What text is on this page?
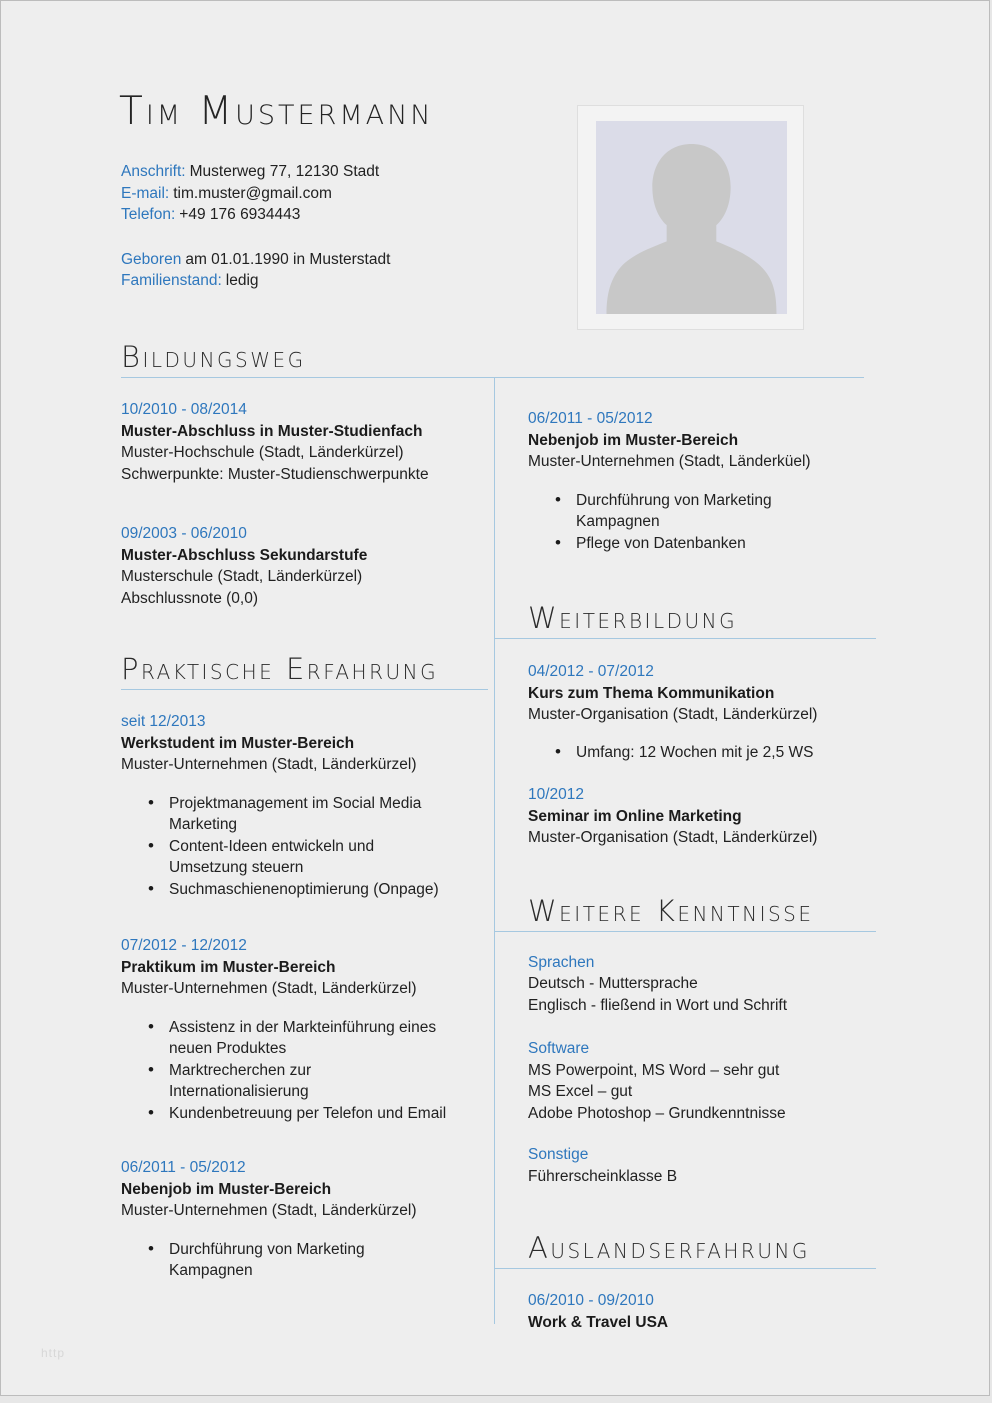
Tim Mustermann
Anschrift: Musterweg 77, 12130 Stadt
E-mail: tim.muster@gmail.com
Telefon: +49 176 6934443
Geboren am 01.01.1990 in Musterstadt
Familienstand: ledig
Bildungsweg
10/2010 - 08/2014
Muster-Abschluss in Muster-Studienfach
Muster-Hochschule (Stadt, Länderkürzel)
Schwerpunkte: Muster-Studienschwerpunkte
09/2003 - 06/2010
Muster-Abschluss Sekundarstufe
Musterschule (Stadt, Länderkürzel)
Abschlussnote (0,0)
Praktische Erfahrung
seit 12/2013
Werkstudent im Muster-Bereich
Muster-Unternehmen (Stadt, Länderkürzel)
• Projektmanagement im Social Media Marketing
• Content-Ideen entwickeln und Umsetzung steuern
• Suchmaschienenoptimierung (Onpage)
07/2012 - 12/2012
Praktikum im Muster-Bereich
Muster-Unternehmen (Stadt, Länderkürzel)
• Assistenz in der Markteinführung eines neuen Produktes
• Marktrecherchen zur Internationalisierung
• Kundenbetreuung per Telefon und Email
06/2011 - 05/2012
Nebenjob im Muster-Bereich
Muster-Unternehmen (Stadt, Länderkürzel)
• Durchführung von Marketing Kampagnen
06/2011 - 05/2012
Nebenjob im Muster-Bereich
Muster-Unternehmen (Stadt, Länderküel)
• Durchführung von Marketing Kampagnen
• Pflege von Datenbanken
Weiterbildung
04/2012 - 07/2012
Kurs zum Thema Kommunikation
Muster-Organisation (Stadt, Länderkürzel)
• Umfang: 12 Wochen mit je 2,5 WS
10/2012
Seminar im Online Marketing
Muster-Organisation (Stadt, Länderkürzel)
Weitere Kenntnisse
Sprachen
Deutsch - Muttersprache
Englisch - fließend in Wort und Schrift
Software
MS Powerpoint, MS Word – sehr gut
MS Excel – gut
Adobe Photoshop – Grundkenntnisse
Sonstige
Führerscheinklasse B
Auslandserfahrung
06/2010 - 09/2010
Work & Travel USA
http
